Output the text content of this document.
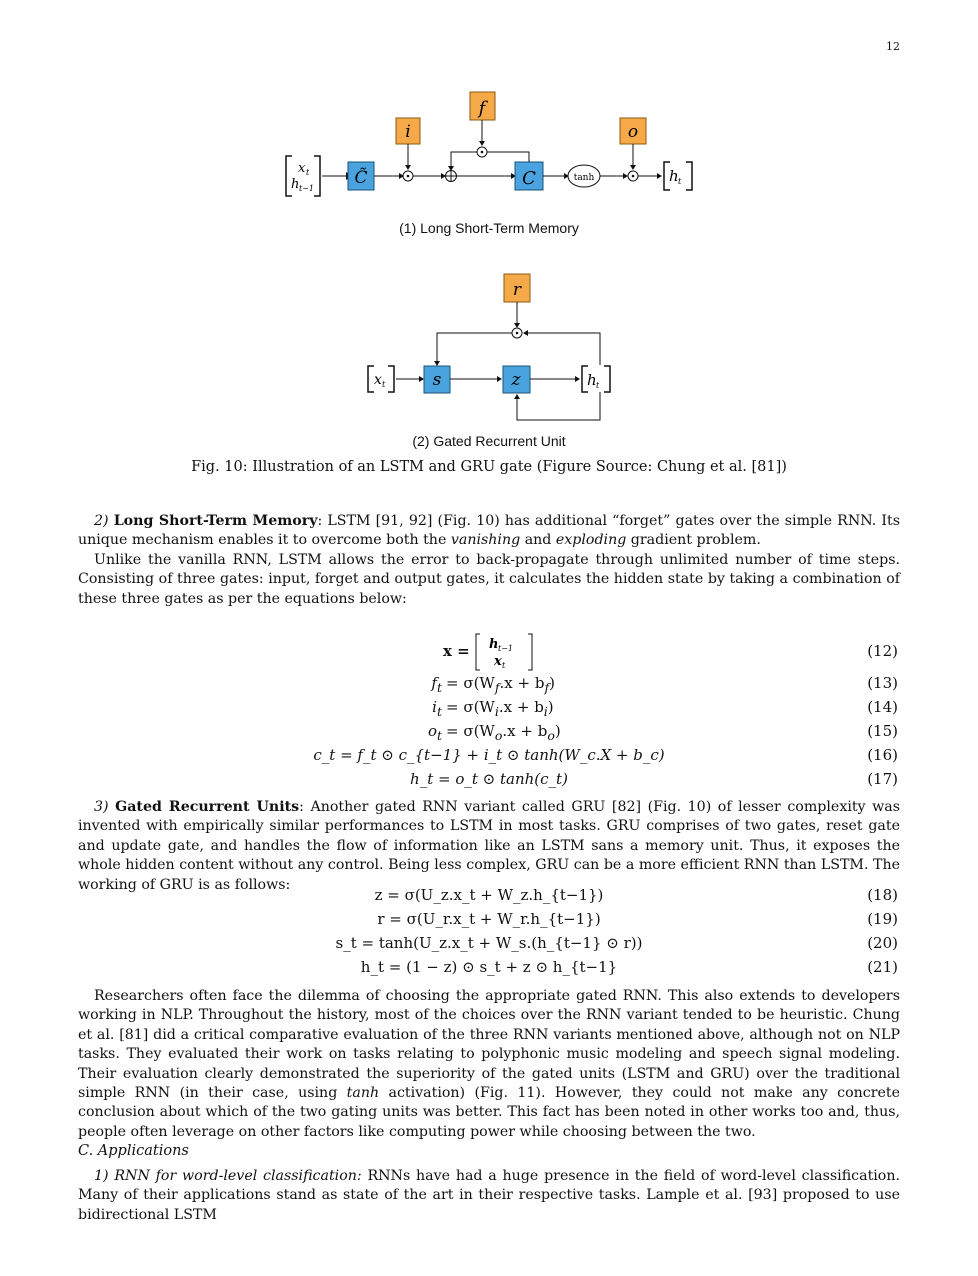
12
x t
h t−1
C̃
i
C
f
tanh
o
h t
(1) Long Short-Term Memory
r
x t	s	z	h t
(2) Gated Recurrent Unit
Fig. 10: Illustration of an LSTM and GRU gate (Figure Source: Chung et al. [81])
2) Long Short-Term Memory: LSTM [91, 92] (Fig. 10) has additional “forget” gates over the simple RNN. Its unique mechanism enables it to overcome both the vanishing and exploding gradient problem.
Unlike the vanilla RNN, LSTM allows the error to back-propagate through unlimited number of time steps. Consisting of three gates: input, forget and output gates, it calculates the hidden state by taking a combination of these three gates as per the equations below:
x = h t−1
x t
(12)
$f_t = \sigma(W_f.x + b_f)$	(13)
$i_t = \sigma(W_i.x + b_i)$	(14)
$o_t = \sigma(W_o.x + b_o)$	(15)
c_t = f_t ⊙ c_{t−1} + i_t ⊙ tanh(W_c.X + b_c)	(16)
h_t = o_t ⊙ tanh(c_t)	(17)
3) Gated Recurrent Units: Another gated RNN variant called GRU [82] (Fig. 10) of lesser complexity was invented with empirically similar performances to LSTM in most tasks. GRU comprises of two gates, reset gate and update gate, and handles the flow of information like an LSTM sans a memory unit. Thus, it exposes the whole hidden content without any control. Being less complex, GRU can be a more efficient RNN than LSTM. The working of GRU is as follows:
z = σ(U_z.x_t + W_z.h_{t−1})	(18)
r = σ(U_r.x_t + W_r.h_{t−1})	(19)
s_t = tanh(U_z.x_t + W_s.(h_{t−1} ⊙ r))	(20)
h_t = (1 − z) ⊙ s_t + z ⊙ h_{t−1}	(21)
Researchers often face the dilemma of choosing the appropriate gated RNN. This also extends to developers working in NLP. Throughout the history, most of the choices over the RNN variant tended to be heuristic. Chung et al. [81] did a critical comparative evaluation of the three RNN variants mentioned above, although not on NLP tasks. They evaluated their work on tasks relating to polyphonic music modeling and speech signal modeling. Their evaluation clearly demonstrated the superiority of the gated units (LSTM and GRU) over the traditional simple RNN (in their case, using tanh activation) (Fig. 11). However, they could not make any concrete conclusion about which of the two gating units was better. This fact has been noted in other works too and, thus, people often leverage on other factors like computing power while choosing between the two.
C. Applications
1) RNN for word-level classification: RNNs have had a huge presence in the field of word-level classification. Many of their applications stand as state of the art in their respective tasks. Lample et al. [93] proposed to use bidirectional LSTM
